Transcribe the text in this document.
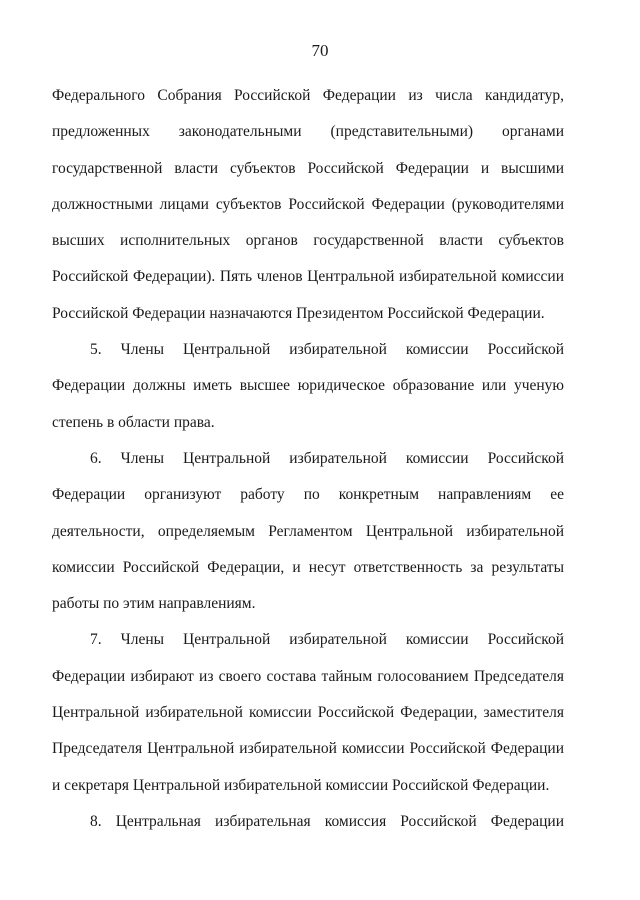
70

Федерального Собрания Российской Федерации из числа кандидатур, предложенных законодательными (представительными) органами государственной власти субъектов Российской Федерации и высшими должностными лицами субъектов Российской Федерации (руководителями высших исполнительных органов государственной власти субъектов Российской Федерации). Пять членов Центральной избирательной комиссии Российской Федерации назначаются Президентом Российской Федерации.

5. Члены Центральной избирательной комиссии Российской Федерации должны иметь высшее юридическое образование или ученую степень в области права.

6. Члены Центральной избирательной комиссии Российской Федерации организуют работу по конкретным направлениям ее деятельности, определяемым Регламентом Центральной избирательной комиссии Российской Федерации, и несут ответственность за результаты работы по этим направлениям.

7. Члены Центральной избирательной комиссии Российской Федерации избирают из своего состава тайным голосованием Председателя Центральной избирательной комиссии Российской Федерации, заместителя Председателя Центральной избирательной комиссии Российской Федерации и секретаря Центральной избирательной комиссии Российской Федерации.

8. Центральная избирательная комиссия Российской Федерации
